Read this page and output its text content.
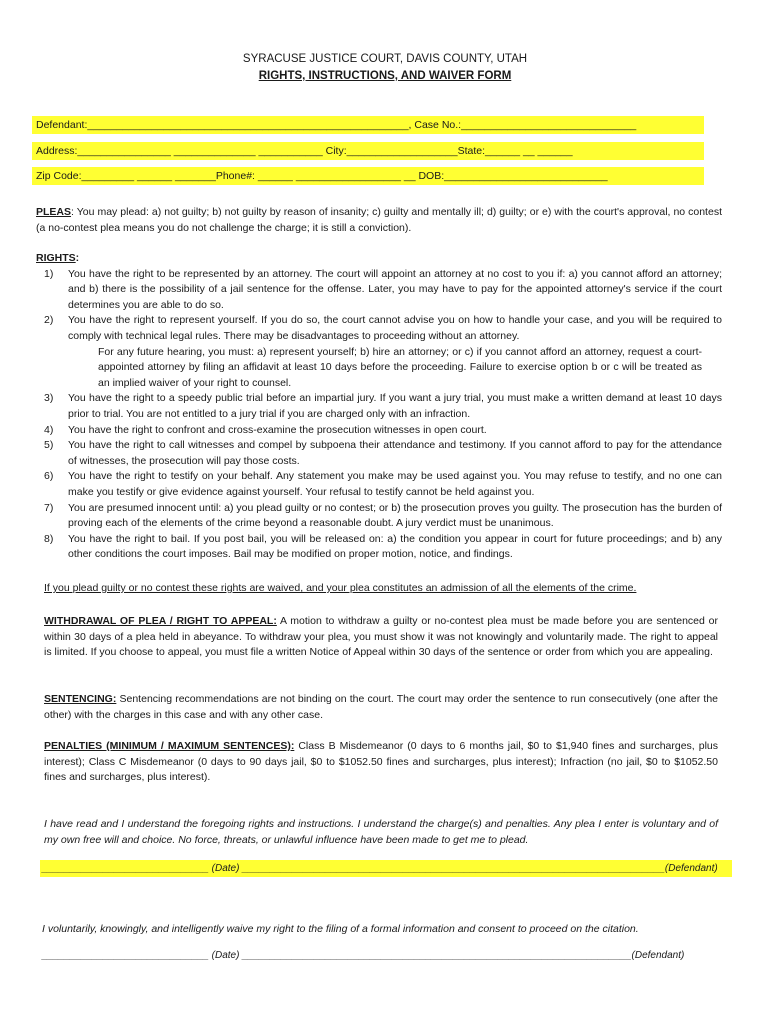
SYRACUSE JUSTICE COURT, DAVIS COUNTY, UTAH
RIGHTS, INSTRUCTIONS, AND WAIVER FORM
Defendant:_______________________________________________________, Case No.:______________________________
Address:________________ ______________ ___________ City:___________________State:______ __ ______
Zip Code:_________ ______ _______Phone#: ______ __________________ __ DOB:____________________________
PLEAS: You may plead: a) not guilty; b) not guilty by reason of insanity; c) guilty and mentally ill; d) guilty; or e) with the court's approval, no contest (a no-contest plea means you do not challenge the charge; it is still a conviction).
RIGHTS:
1) You have the right to be represented by an attorney. The court will appoint an attorney at no cost to you if: a) you cannot afford an attorney; and b) there is the possibility of a jail sentence for the offense. Later, you may have to pay for the appointed attorney's service if the court determines you are able to do so.
2) You have the right to represent yourself. If you do so, the court cannot advise you on how to handle your case, and you will be required to comply with technical legal rules. There may be disadvantages to proceeding without an attorney.
For any future hearing, you must: a) represent yourself; b) hire an attorney; or c) if you cannot afford an attorney, request a court-appointed attorney by filing an affidavit at least 10 days before the proceeding. Failure to exercise option b or c will be treated as an implied waiver of your right to counsel.
3) You have the right to a speedy public trial before an impartial jury. If you want a jury trial, you must make a written demand at least 10 days prior to trial. You are not entitled to a jury trial if you are charged only with an infraction.
4) You have the right to confront and cross-examine the prosecution witnesses in open court.
5) You have the right to call witnesses and compel by subpoena their attendance and testimony. If you cannot afford to pay for the attendance of witnesses, the prosecution will pay those costs.
6) You have the right to testify on your behalf. Any statement you make may be used against you. You may refuse to testify, and no one can make you testify or give evidence against yourself. Your refusal to testify cannot be held against you.
7) You are presumed innocent until: a) you plead guilty or no contest; or b) the prosecution proves you guilty. The prosecution has the burden of proving each of the elements of the crime beyond a reasonable doubt. A jury verdict must be unanimous.
8) You have the right to bail. If you post bail, you will be released on: a) the condition you appear in court for future proceedings; and b) any other conditions the court imposes. Bail may be modified on proper motion, notice, and findings.
If you plead guilty or no contest these rights are waived, and your plea constitutes an admission of all the elements of the crime.
WITHDRAWAL OF PLEA / RIGHT TO APPEAL: A motion to withdraw a guilty or no-contest plea must be made before you are sentenced or within 30 days of a plea held in abeyance. To withdraw your plea, you must show it was not knowingly and voluntarily made. The right to appeal is limited. If you choose to appeal, you must file a written Notice of Appeal within 30 days of the sentence or order from which you are appealing.
SENTENCING: Sentencing recommendations are not binding on the court. The court may order the sentence to run consecutively (one after the other) with the charges in this case and with any other case.
PENALTIES (MINIMUM / MAXIMUM SENTENCES): Class B Misdemeanor (0 days to 6 months jail, $0 to $1,940 fines and surcharges, plus interest); Class C Misdemeanor (0 days to 90 days jail, $0 to $1052.50 fines and surcharges, plus interest); Infraction (no jail, $0 to $1052.50 fines and surcharges, plus interest).
I have read and I understand the foregoing rights and instructions. I understand the charge(s) and penalties. Any plea I enter is voluntary and of my own free will and choice. No force, threats, or unlawful influence have been made to get me to plead.
______________________________ (Date) ____________________________________________________________________________(Defendant)
I voluntarily, knowingly, and intelligently waive my right to the filing of a formal information and consent to proceed on the citation.
______________________________ (Date) ______________________________________________________________________(Defendant)
